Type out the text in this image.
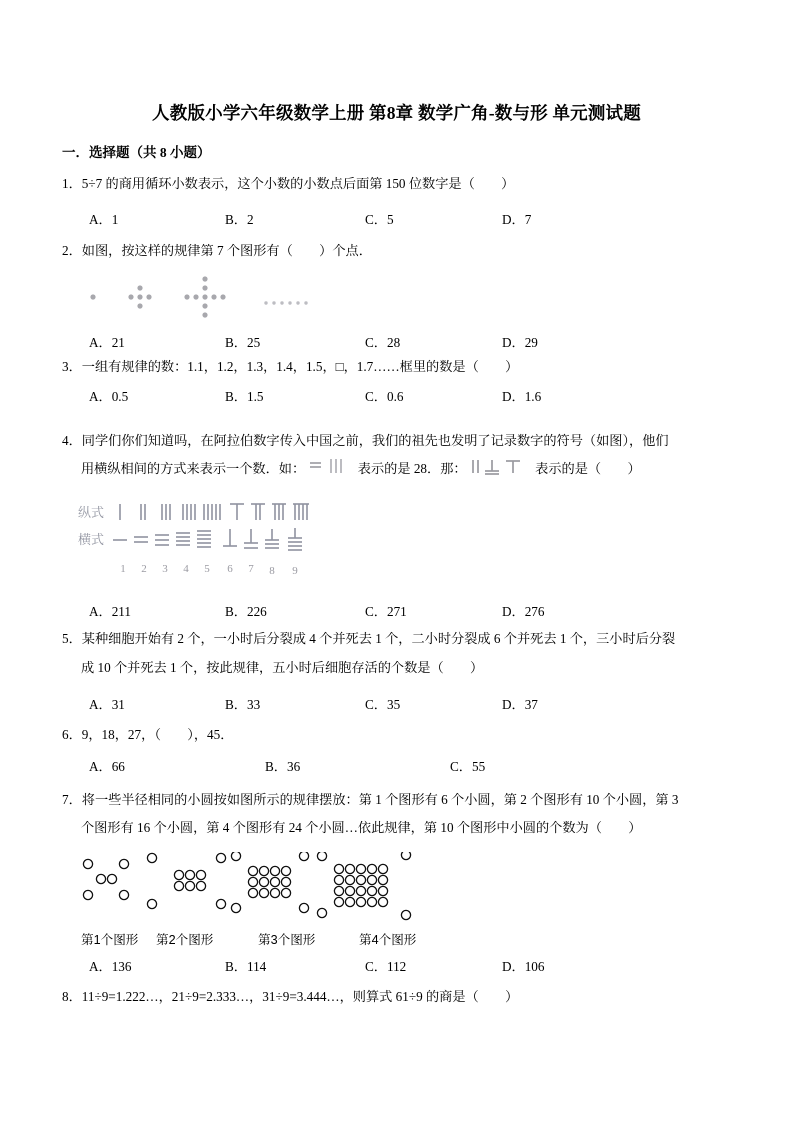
人教版小学六年级数学上册 第8章 数学广角-数与形 单元测试题
一．选择题（共 8 小题）
1．5÷7 的商用循环小数表示，这个小数的小数点后面第 150 位数字是（　　）
A．1	B．2	C．5	D．7
2．如图，按这样的规律第 7 个图形有（　　）个点．
A．21	B．25	C．28	D．29
3．一组有规律的数：1.1，1.2，1.3，1.4，1.5，□，1.7……框里的数是（　　）
A．0.5	B．1.5	C．0.6	D．1.6
4．同学们你们知道吗，在阿拉伯数字传入中国之前，我们的祖先也发明了记录数字的符号（如图），他们
用横纵相间的方式来表示一个数．如：	表示的是 28．那：	表示的是（　　）
纵式
横式
1 2 3 4 5 6 7 8 9
A．211	B．226	C．271	D．276
5．某种细胞开始有 2 个，一小时后分裂成 4 个并死去 1 个，二小时分裂成 6 个并死去 1 个，三小时后分裂
成 10 个并死去 1 个，按此规律，五小时后细胞存活的个数是（　　）
A．31	B．33	C．35	D．37
6．9，18，27，（　　），45．
A．66	B．36	C．55
7．将一些半径相同的小圆按如图所示的规律摆放：第 1 个图形有 6 个小圆，第 2 个图形有 10 个小圆，第 3
个图形有 16 个小圆，第 4 个图形有 24 个小圆…依此规律，第 10 个图形中小圆的个数为（　　）
第1个图形 第2个图形	第3个图形	第4个图形
A．136	B．114	C．112	D．106
8．11÷9=1.222…，21÷9=2.333…，31÷9=3.444…，则算式 61÷9 的商是（　　）
